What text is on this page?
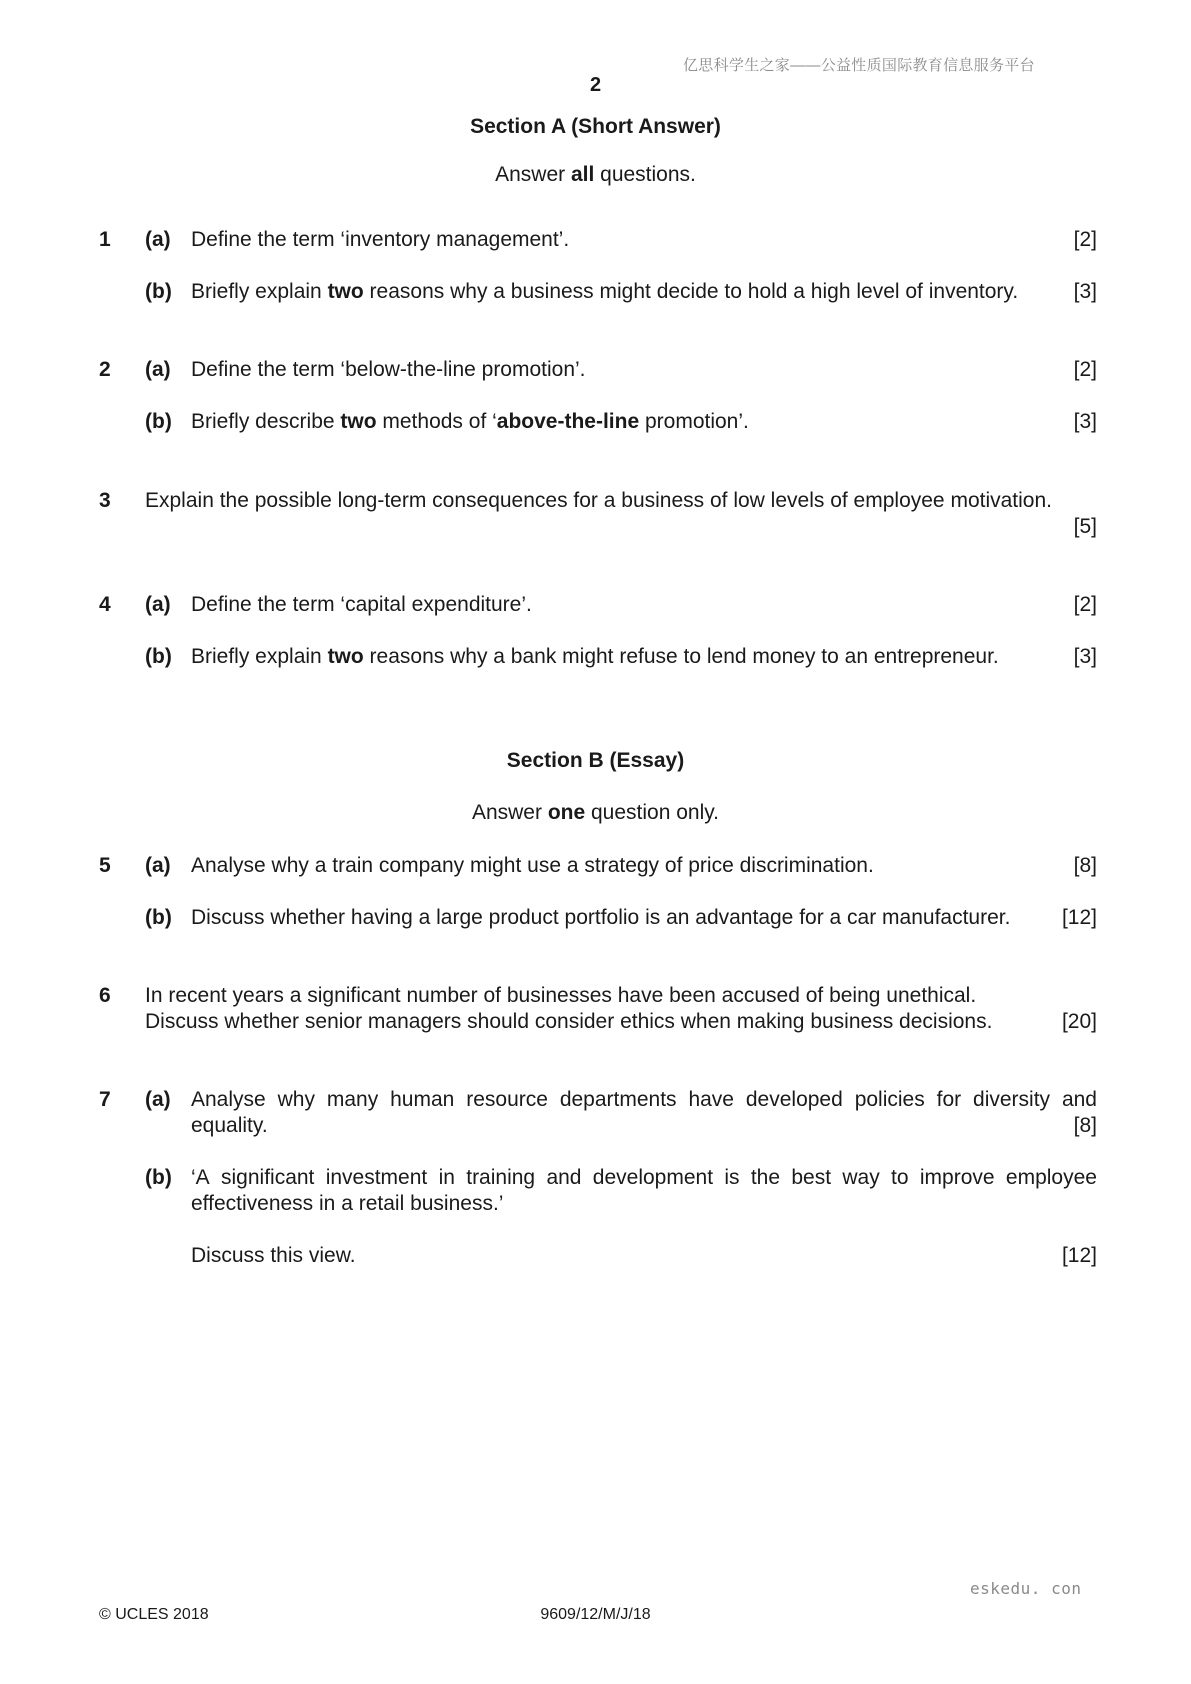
亿思科学生之家——公益性质国际教育信息服务平台
2
Section A (Short Answer)
Answer all questions.
1 (a) Define the term ‘inventory management’.	[2]
(b) Briefly explain two reasons why a business might decide to hold a high level of inventory.	[3]
2 (a) Define the term ‘below-the-line promotion’.	[2]
(b) Briefly describe two methods of ‘above-the-line promotion’.	[3]
3 Explain the possible long-term consequences for a business of low levels of employee motivation.
[5]
4 (a) Define the term ‘capital expenditure’.	[2]
(b) Briefly explain two reasons why a bank might refuse to lend money to an entrepreneur.	[3]
Section B (Essay)
Answer one question only.
5 (a) Analyse why a train company might use a strategy of price discrimination.	[8]
(b) Discuss whether having a large product portfolio is an advantage for a car manufacturer. [12]
6 In recent years a significant number of businesses have been accused of being unethical.
Discuss whether senior managers should consider ethics when making business decisions.	[20]
7 (a) Analyse why many human resource departments have developed policies for diversity and
equality.	[8]
(b) ‘A significant investment in training and development is the best way to improve employee
effectiveness in a retail business.’
Discuss this view.	[12]
eskedu. con
© UCLES 2018	9609/12/M/J/18
